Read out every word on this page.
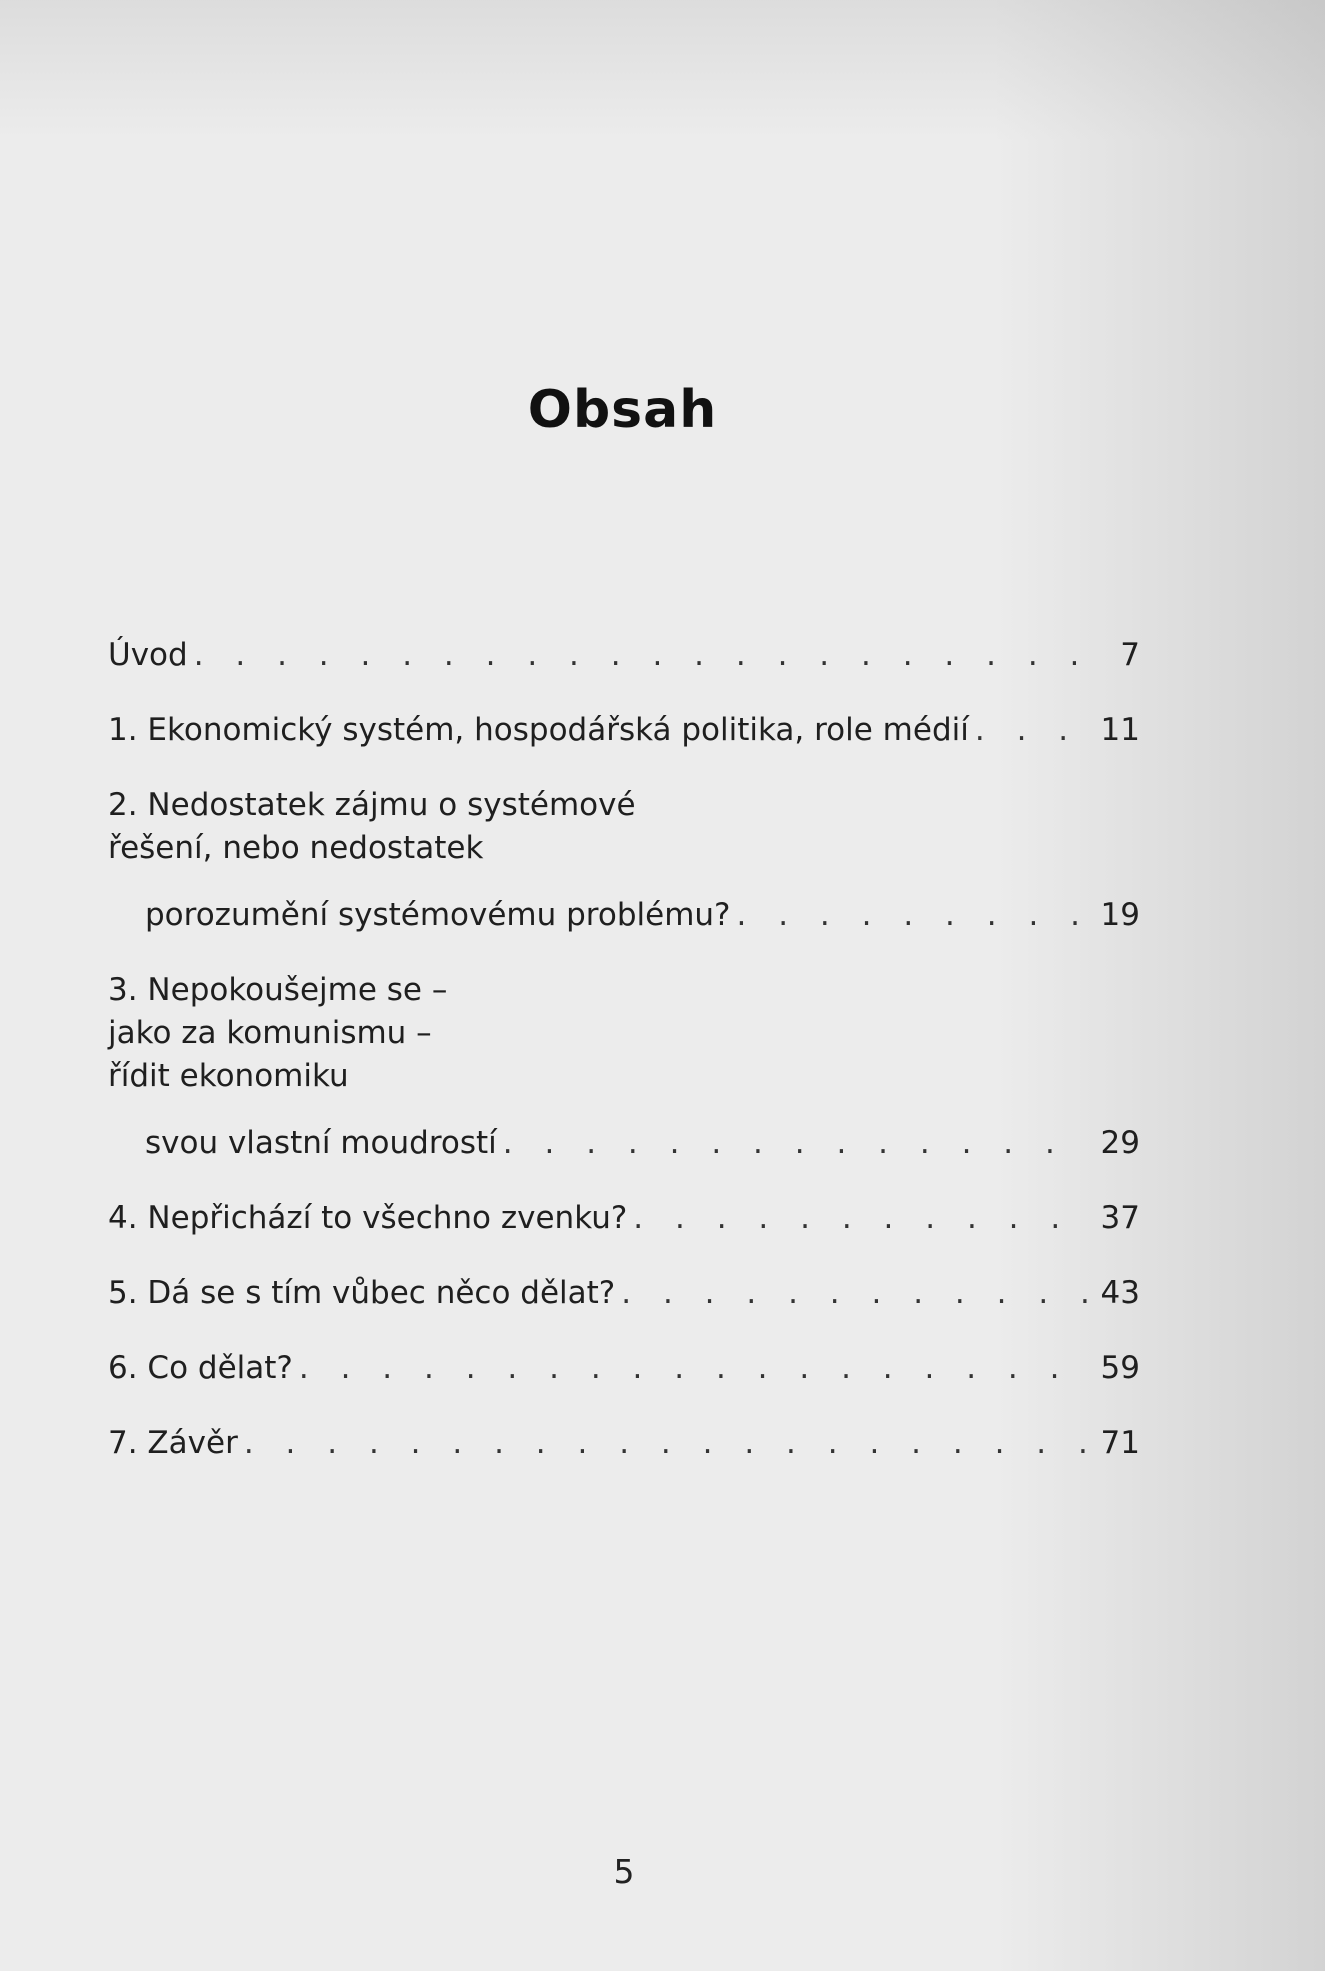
Obsah
Úvod . . .	7
1. Ekonomický systém, hospodářská politika, role médií . . .	11
2. Nedostatek zájmu o systémové řešení, nebo nedostatek
porozumění systémovému problému? . . .	19
3. Nepokoušejme se – jako za komunismu – řídit ekonomiku
svou vlastní moudrostí . . .	29
4. Nepřichází to všechno zvenku? . . .	37
5. Dá se s tím vůbec něco dělat? . . .	43
6. Co dělat? . . .	59
7. Závěr . . .	71
5
